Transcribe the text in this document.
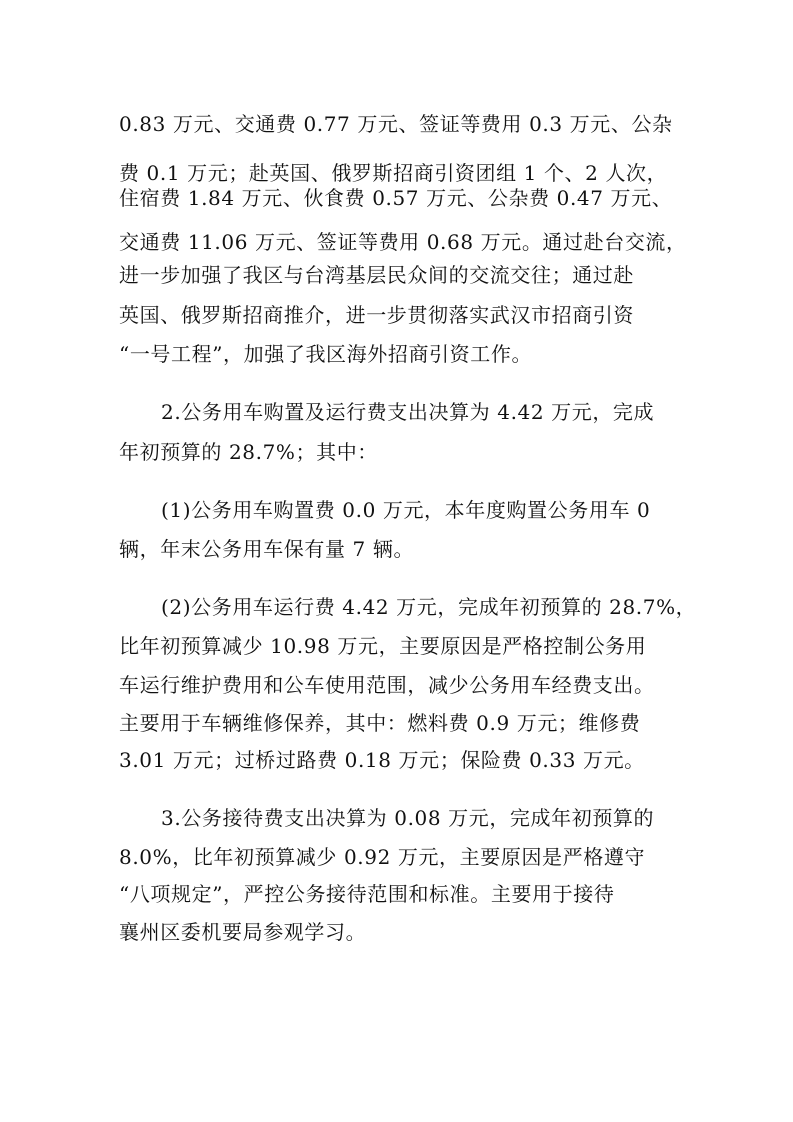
0.83 万元、交通费 0.77 万元、签证等费用 0.3 万元、公杂
费 0.1 万元；赴英国、俄罗斯招商引资团组 1 个、2 人次，
住宿费 1.84 万元、伙食费 0.57 万元、公杂费 0.47 万元、
交通费 11.06 万元、签证等费用 0.68 万元。通过赴台交流，
进一步加强了我区与台湾基层民众间的交流交往；通过赴
英国、俄罗斯招商推介，进一步贯彻落实武汉市招商引资
“一号工程”，加强了我区海外招商引资工作。
2.公务用车购置及运行费支出决算为 4.42 万元，完成
年初预算的 28.7%；其中：
(1)公务用车购置费 0.0 万元，本年度购置公务用车 0
辆，年末公务用车保有量 7 辆。
(2)公务用车运行费 4.42 万元，完成年初预算的 28.7%，
比年初预算减少 10.98 万元，主要原因是严格控制公务用
车运行维护费用和公车使用范围，减少公务用车经费支出。
主要用于车辆维修保养，其中：燃料费 0.9 万元；维修费
3.01 万元；过桥过路费 0.18 万元；保险费 0.33 万元。
3.公务接待费支出决算为 0.08 万元，完成年初预算的
8.0%，比年初预算减少 0.92 万元，主要原因是严格遵守
“八项规定”，严控公务接待范围和标准。主要用于接待
襄州区委机要局参观学习。
